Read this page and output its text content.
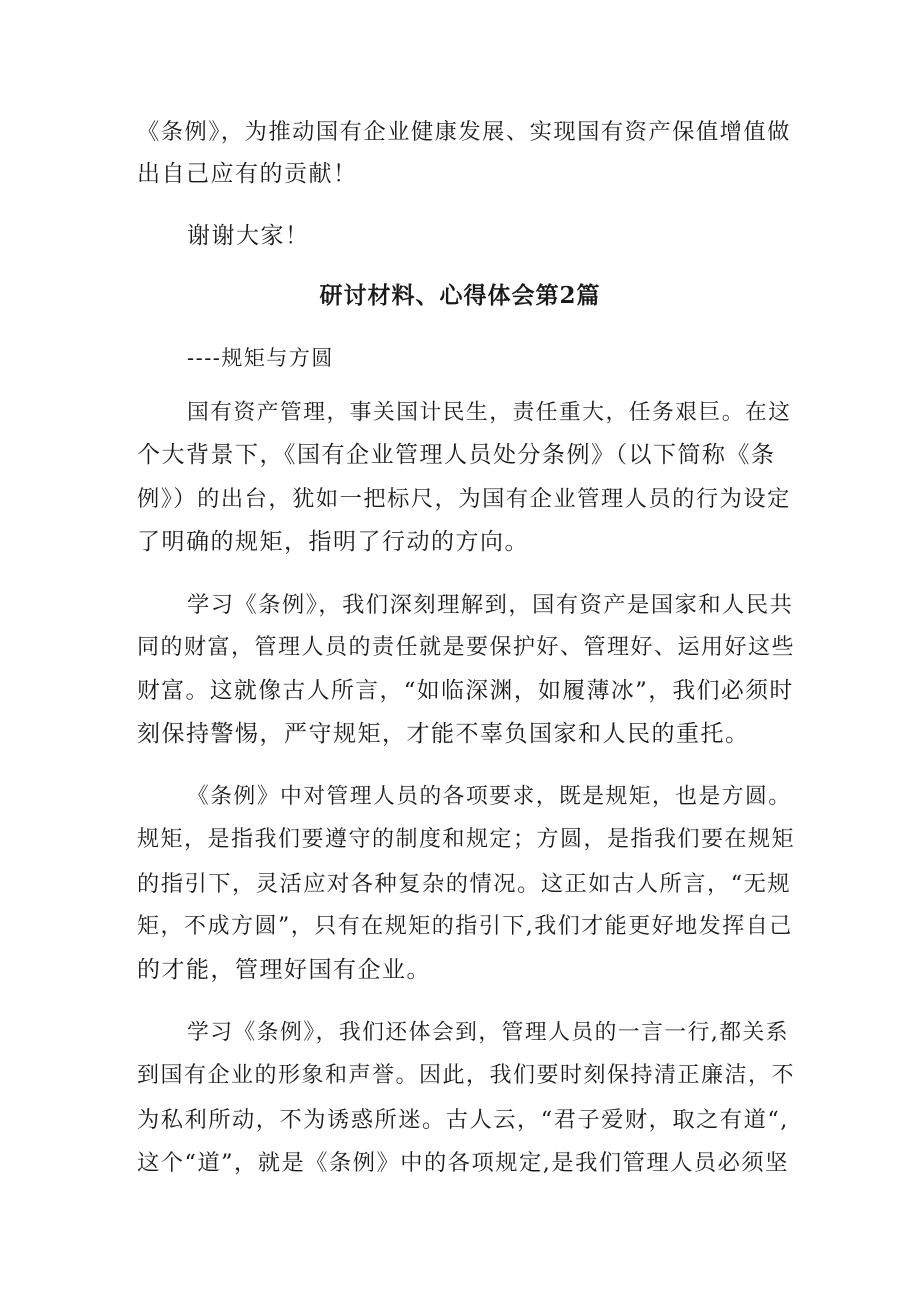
《条例》，为推动国有企业健康发展、实现国有资产保值增值做
出自己应有的贡献！
谢谢大家！
研讨材料、心得体会第2篇
----规矩与方圆
国有资产管理，事关国计民生，责任重大，任务艰巨。在这
个大背景下，《国有企业管理人员处分条例》（以下简称《条
例》）的出台，犹如一把标尺，为国有企业管理人员的行为设定
了明确的规矩，指明了行动的方向。
学习《条例》，我们深刻理解到，国有资产是国家和人民共
同的财富，管理人员的责任就是要保护好、管理好、运用好这些
财富。这就像古人所言，“如临深渊，如履薄冰”，我们必须时
刻保持警惕，严守规矩，才能不辜负国家和人民的重托。
《条例》中对管理人员的各项要求，既是规矩，也是方圆。
规矩，是指我们要遵守的制度和规定；方圆，是指我们要在规矩
的指引下，灵活应对各种复杂的情况。这正如古人所言，“无规
矩，不成方圆”，只有在规矩的指引下,我们才能更好地发挥自己
的才能，管理好国有企业。
学习《条例》，我们还体会到，管理人员的一言一行,都关系
到国有企业的形象和声誉。因此，我们要时刻保持清正廉洁，不
为私利所动，不为诱惑所迷。古人云，“君子爱财，取之有道“,
这个“道”，就是《条例》中的各项规定,是我们管理人员必须坚
